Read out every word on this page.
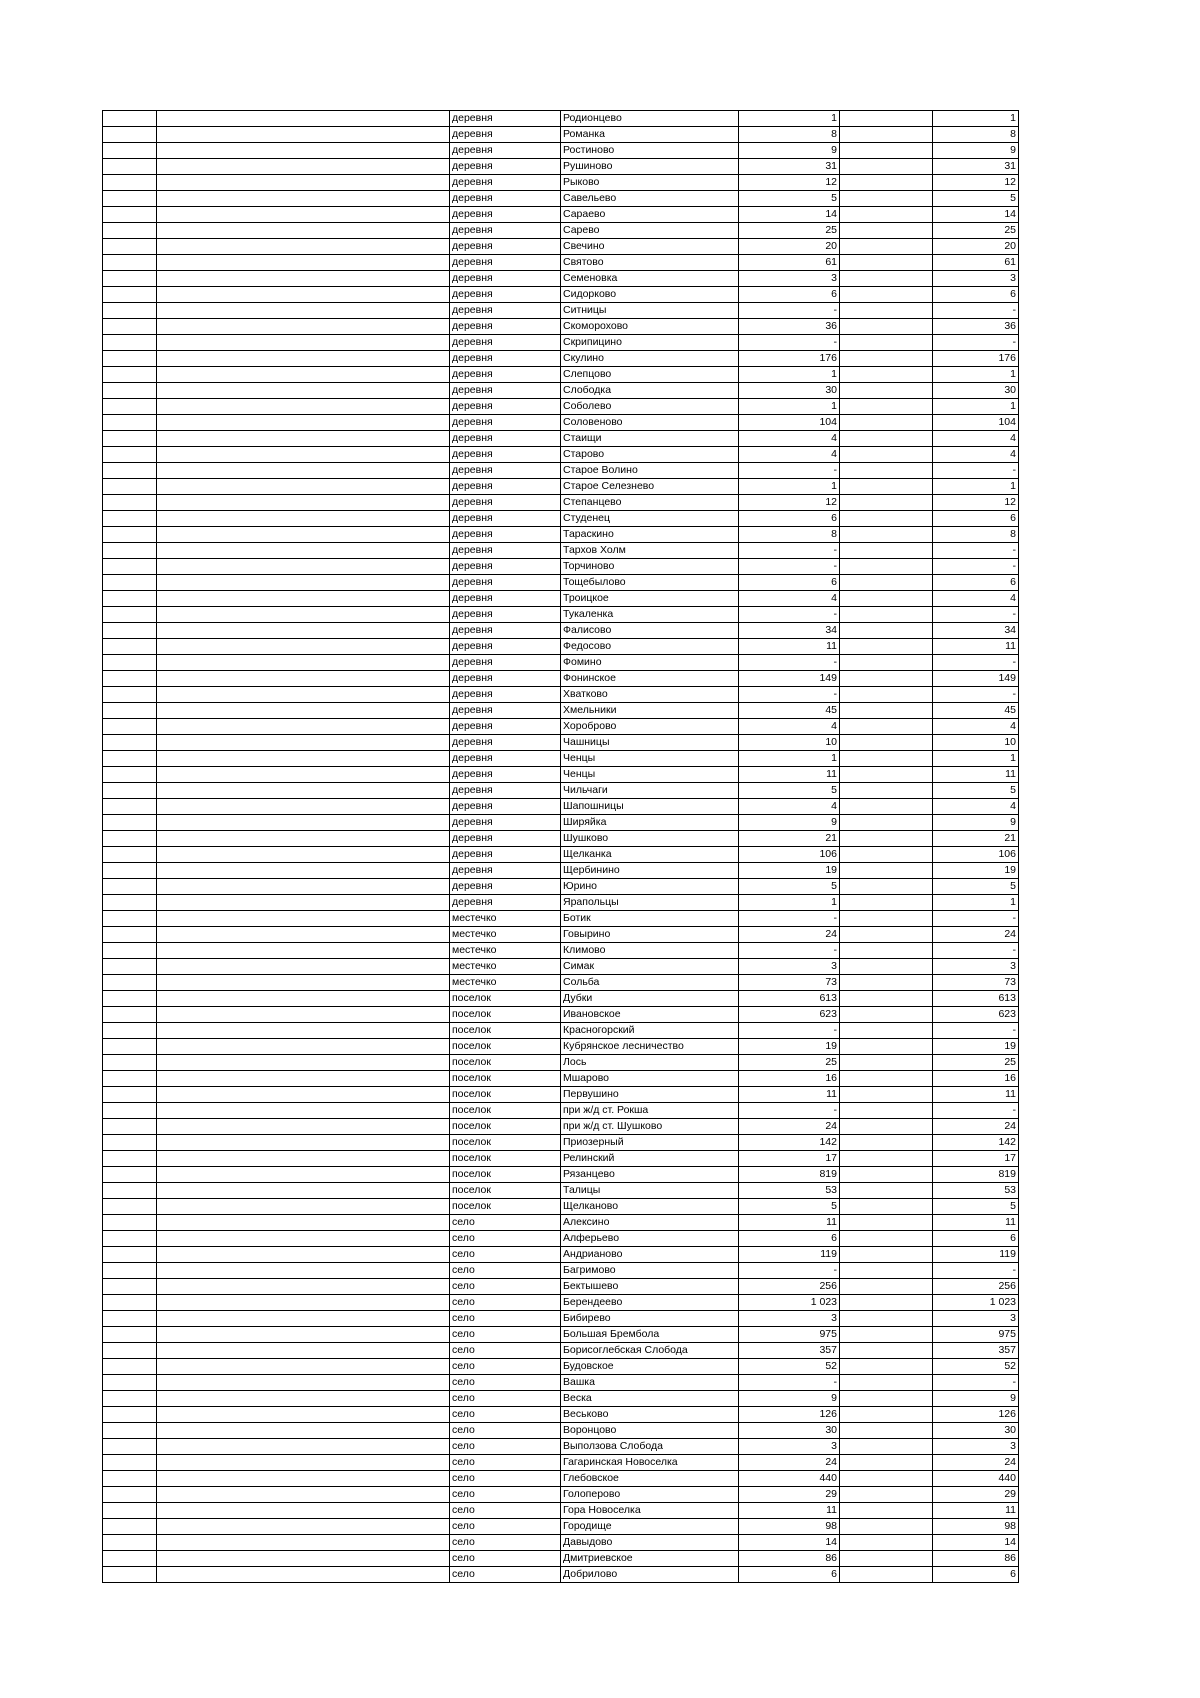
		деревня	Родионцево	1		1
		деревня	Романка	8		8
		деревня	Ростиново	9		9
		деревня	Рушиново	31		31
		деревня	Рыково	12		12
		деревня	Савельево	5		5
		деревня	Сараево	14		14
		деревня	Сарево	25		25
		деревня	Свечино	20		20
		деревня	Святово	61		61
		деревня	Семеновка	3		3
		деревня	Сидорково	6		6
		деревня	Ситницы	-		-
		деревня	Скоморохово	36		36
		деревня	Скрипицино	-		-
		деревня	Скулино	176		176
		деревня	Слепцово	1		1
		деревня	Слободка	30		30
		деревня	Соболево	1		1
		деревня	Соловеново	104		104
		деревня	Стаищи	4		4
		деревня	Старово	4		4
		деревня	Старое Волино	-		-
		деревня	Старое Селезнево	1		1
		деревня	Степанцево	12		12
		деревня	Студенец	6		6
		деревня	Тараскино	8		8
		деревня	Тархов Холм	-		-
		деревня	Торчиново	-		-
		деревня	Тощебылово	6		6
		деревня	Троицкое	4		4
		деревня	Тукаленка	-		-
		деревня	Фалисово	34		34
		деревня	Федосово	11		11
		деревня	Фомино	-		-
		деревня	Фонинское	149		149
		деревня	Хватково	-		-
		деревня	Хмельники	45		45
		деревня	Хороброво	4		4
		деревня	Чашницы	10		10
		деревня	Ченцы	1		1
		деревня	Ченцы	11		11
		деревня	Чильчаги	5		5
		деревня	Шапошницы	4		4
		деревня	Ширяйка	9		9
		деревня	Шушково	21		21
		деревня	Щелканка	106		106
		деревня	Щербинино	19		19
		деревня	Юрино	5		5
		деревня	Ярапольцы	1		1
		местечко	Ботик	-		-
		местечко	Говырино	24		24
		местечко	Климово	-		-
		местечко	Симак	3		3
		местечко	Сольба	73		73
		поселок	Дубки	613		613
		поселок	Ивановское	623		623
		поселок	Красногорский	-		-
		поселок	Кубрянское лесничество	19		19
		поселок	Лось	25		25
		поселок	Мшарово	16		16
		поселок	Первушино	11		11
		поселок	при ж/д ст. Рокша	-		-
		поселок	при ж/д ст. Шушково	24		24
		поселок	Приозерный	142		142
		поселок	Релинский	17		17
		поселок	Рязанцево	819		819
		поселок	Талицы	53		53
		поселок	Щелканово	5		5
		село	Алексино	11		11
		село	Алферьево	6		6
		село	Андрианово	119		119
		село	Багримово	-		-
		село	Бектышево	256		256
		село	Берендеево	1 023		1 023
		село	Бибирево	3		3
		село	Большая Брембола	975		975
		село	Борисоглебская Слобода	357		357
		село	Будовское	52		52
		село	Вашка	-		-
		село	Веска	9		9
		село	Веськово	126		126
		село	Воронцово	30		30
		село	Выползова Слобода	3		3
		село	Гагаринская Новоселка	24		24
		село	Глебовское	440		440
		село	Голоперово	29		29
		село	Гора Новоселка	11		11
		село	Городище	98		98
		село	Давыдово	14		14
		село	Дмитриевское	86		86
		село	Добрилово	6		6
